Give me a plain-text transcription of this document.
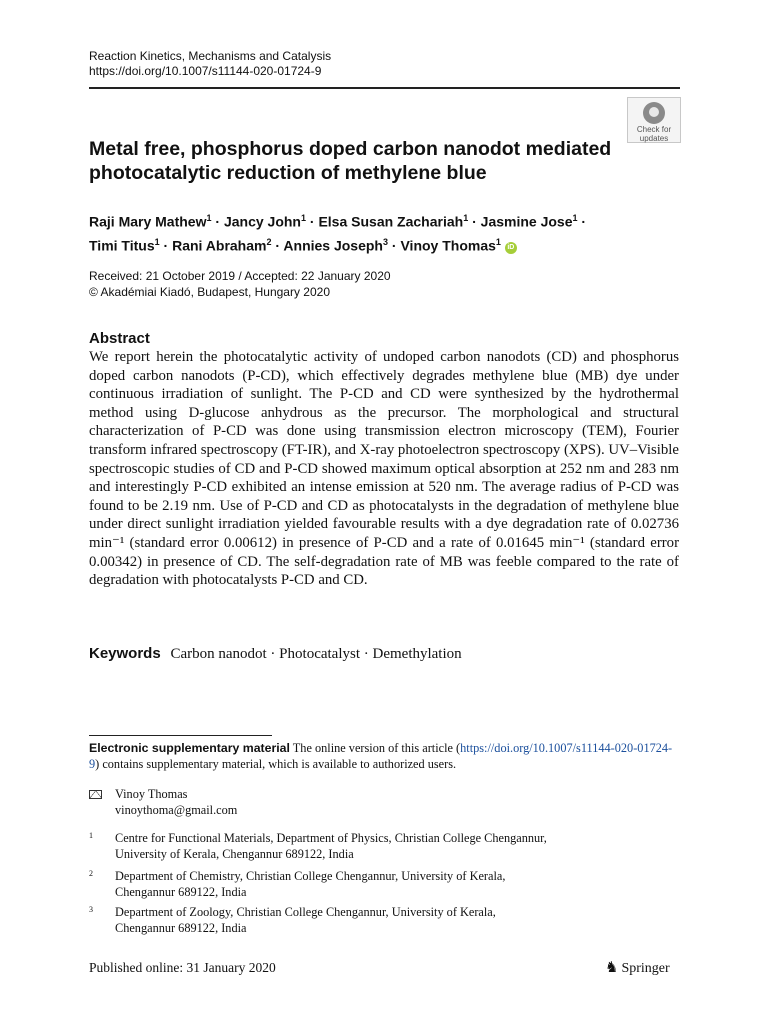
Reaction Kinetics, Mechanisms and Catalysis
https://doi.org/10.1007/s11144-020-01724-9
Check for
updates
Metal free, phosphorus doped carbon nanodot mediated photocatalytic reduction of methylene blue
Raji Mary Mathew$^1$ · Jancy John$^1$ · Elsa Susan Zachariah$^1$ · Jasmine Jose$^1$ ·
Timi Titus$^1$ · Rani Abraham$^2$ · Annies Joseph$^3$ · Vinoy Thomas$^1$ iD
Received: 21 October 2019 / Accepted: 22 January 2020
© Akadémiai Kiadó, Budapest, Hungary 2020
Abstract
We report herein the photocatalytic activity of undoped carbon nanodots (CD) and phosphorus doped carbon nanodots (P-CD), which effectively degrades methylene blue (MB) dye under continuous irradiation of sunlight. The P-CD and CD were synthesized by the hydrothermal method using D-glucose anhydrous as the precursor. The morphological and structural characterization of P-CD was done using transmission electron microscopy (TEM), Fourier transform infrared spectroscopy (FT-IR), and X-ray photoelectron spectroscopy (XPS). UV–Visible spectroscopic studies of CD and P-CD showed maximum optical absorption at 252 nm and 283 nm and interestingly P-CD exhibited an intense emission at 520 nm. The average radius of P-CD was found to be 2.19 nm. Use of P-CD and CD as photocatalysts in the degradation of methylene blue under direct sunlight irradiation yielded favourable results with a dye degradation rate of 0.02736 min⁻¹ (standard error 0.00612) in presence of P-CD and a rate of 0.01645 min⁻¹ (standard error 0.00342) in presence of CD. The self-degradation rate of MB was feeble compared to the rate of degradation with photocatalysts P-CD and CD.
Keywords Carbon nanodot · Photocatalyst · Demethylation
Electronic supplementary material The online version of this article (https://doi.org/10.1007/s11144-020-01724-9) contains supplementary material, which is available to authorized users.
Vinoy Thomas
vinoythoma@gmail.com
1 Centre for Functional Materials, Department of Physics, Christian College Chengannur,
University of Kerala, Chengannur 689122, India
2 Department of Chemistry, Christian College Chengannur, University of Kerala,
Chengannur 689122, India
3 Department of Zoology, Christian College Chengannur, University of Kerala,
Chengannur 689122, India
Published online: 31 January 2020	♞ Springer
